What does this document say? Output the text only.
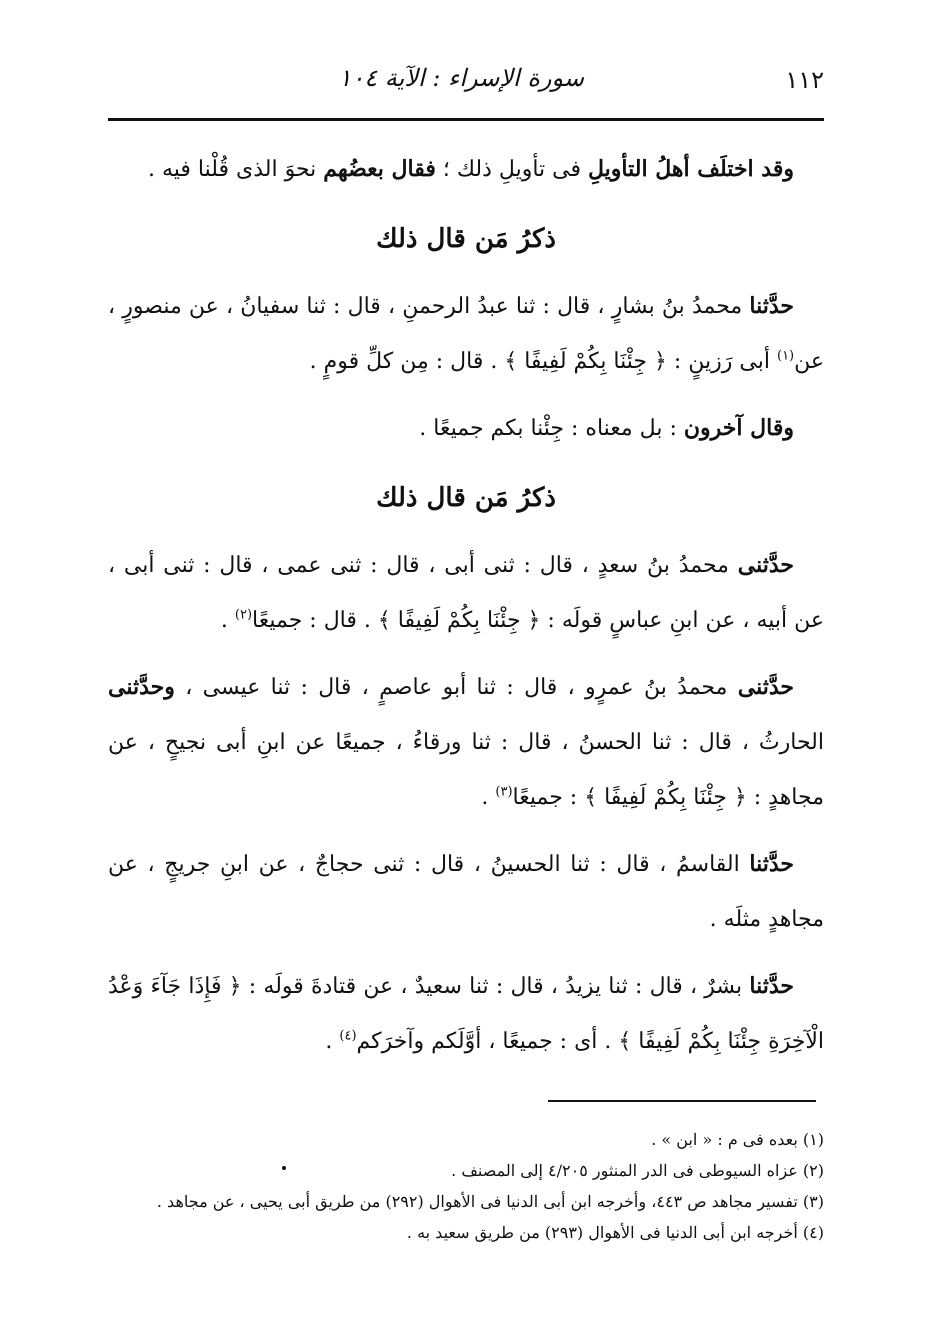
١١٢
سورة الإسراء : الآية ١٠٤

وقد اختلَف أهلُ التأويلِ فى تأويلِ ذلك ؛ فقال بعضُهم نحوَ الذى قُلْنا فيه .

ذكرُ مَن قال ذلك

حدَّثنا محمدُ بنُ بشارٍ ، قال : ثنا عبدُ الرحمنِ ، قال : ثنا سفيانُ ، عن منصورٍ ، عن$^{(١)}$ أبى رَزينٍ : ﴿ جِئْنَا بِكُمْ لَفِيفًا ﴾ . قال : مِن كلِّ قومٍ .

وقال آخرون : بل معناه : جِئْنا بكم جميعًا .

ذكرُ مَن قال ذلك

حدَّثنى محمدُ بنُ سعدٍ ، قال : ثنى أبى ، قال : ثنى عمى ، قال : ثنى أبى ، عن أبيه ، عن ابنِ عباسٍ قولَه : ﴿ جِئْنَا بِكُمْ لَفِيفًا ﴾ . قال : جميعًا$^{(٢)}$ .

حدَّثنى محمدُ بنُ عمرٍو ، قال : ثنا أبو عاصمٍ ، قال : ثنا عيسى ، وحدَّثنى الحارثُ ، قال : ثنا الحسنُ ، قال : ثنا ورقاءُ ، جميعًا عن ابنِ أبى نجيحٍ ، عن مجاهدٍ : ﴿ جِئْنَا بِكُمْ لَفِيفًا ﴾ : جميعًا$^{(٣)}$ .

حدَّثنا القاسمُ ، قال : ثنا الحسينُ ، قال : ثنى حجاجٌ ، عن ابنِ جريجٍ ، عن مجاهدٍ مثلَه .

حدَّثنا بشرٌ ، قال : ثنا يزيدُ ، قال : ثنا سعيدٌ ، عن قتادةَ قولَه : ﴿ فَإِذَا جَآءَ وَعْدُ الْآخِرَةِ جِئْنَا بِكُمْ لَفِيفًا ﴾ . أى : جميعًا ، أوَّلَكم وآخرَكم$^{(٤)}$ .

(١) بعده فى م : « ابن » .

(٢) عزاه السيوطى فى الدر المنثور ٤/٢٠٥ إلى المصنف .

(٣) تفسير مجاهد ص ٤٤٣، وأخرجه ابن أبى الدنيا فى الأهوال (٢٩٢) من طريق أبى يحيى ، عن مجاهد .

(٤) أخرجه ابن أبى الدنيا فى الأهوال (٢٩٣) من طريق سعيد به .
